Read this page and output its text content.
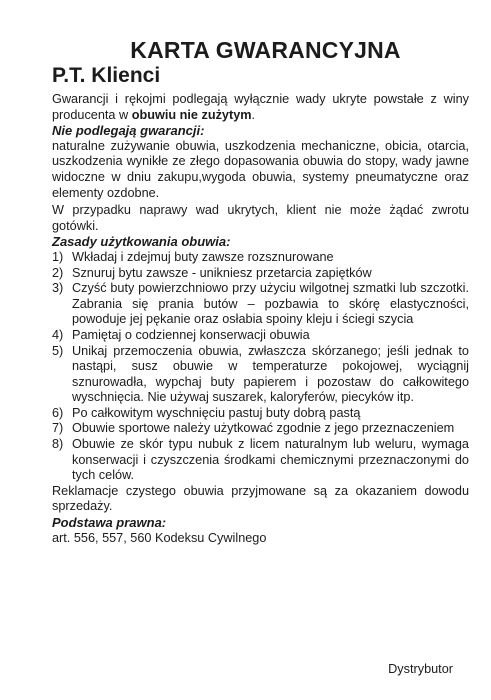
KARTA GWARANCYJNA
P.T. Klienci
Gwarancji i rękojmi podlegają wyłącznie wady ukryte powstałe z winy producenta w obuwiu nie zużytym.
Nie podlegają gwarancji:
naturalne zużywanie obuwia, uszkodzenia mechaniczne, obicia, otarcia, uszkodzenia wynikłe ze złego dopasowania obuwia do stopy, wady jawne widoczne w dniu zakupu,wygoda obuwia, systemy pneumatyczne oraz elementy ozdobne.
W przypadku naprawy wad ukrytych, klient nie może żądać zwrotu gotówki.
Zasady użytkowania obuwia:
1) Wkładaj i zdejmuj buty zawsze rozsznurowane
2) Sznuruj bytu zawsze - unikniesz przetarcia zapiętków
3) Czyść buty powierzchniowo przy użyciu wilgotnej szmatki lub szczotki. Zabrania się prania butów – pozbawia to skórę elastyczności, powoduje jej pękanie oraz osłabia spoiny kleju i ściegi szycia
4) Pamiętaj o codziennej konserwacji obuwia
5) Unikaj przemoczenia obuwia, zwłaszcza skórzanego; jeśli jednak to nastąpi, susz obuwie w temperaturze pokojowej, wyciągnij sznurowadła, wypchaj buty papierem i pozostaw do całkowitego wyschnięcia. Nie używaj suszarek, kaloryferów, piecyków itp.
6) Po całkowitym wyschnięciu pastuj buty dobrą pastą
7) Obuwie sportowe należy użytkować zgodnie z jego przeznaczeniem
8) Obuwie ze skór typu nubuk z licem naturalnym lub weluru, wymaga konserwacji i czyszczenia środkami chemicznymi przeznaczonymi do tych celów.
Reklamacje czystego obuwia przyjmowane są za okazaniem dowodu sprzedaży.
Podstawa prawna:
art. 556, 557, 560 Kodeksu Cywilnego
Dystrybutor
